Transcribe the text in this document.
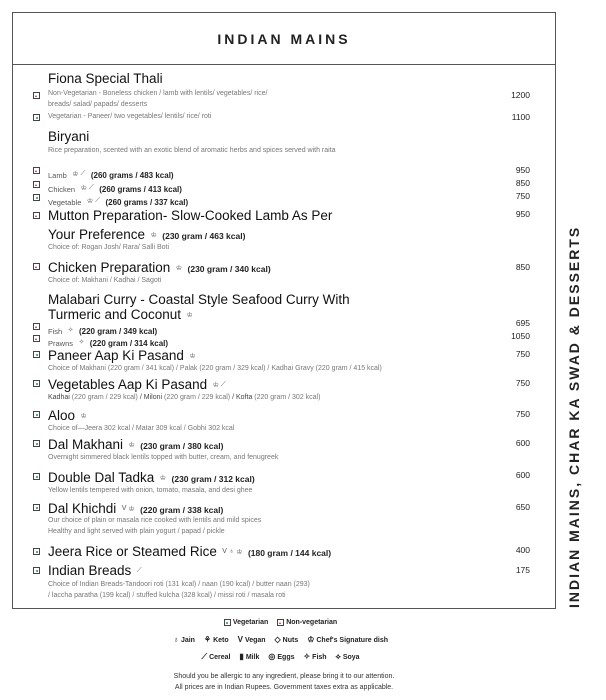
INDIAN MAINS
INDIAN MAINS, CHAR KA SWAD & DESSERTS
Fiona Special Thali
Non-Vegetarian - Boneless chicken / lamb with lentils/ vegetables/ rice/
breads/ salad/ papads/ desserts
1200
Vegetarian - Paneer/ two vegetables/ lentils/ rice/ roti	1100
Biryani
Rice preparation, scented with an exotic blend of aromatic herbs and spices served with raita
Lamb ♔ ⟋ (260 grams / 483 kcal)
950
Chicken ♔ ⟋ (260 grams / 413 kcal)
850
Vegetable ♔ ⟋ (260 grams / 337 kcal)
750
Mutton Preparation- Slow-Cooked Lamb As Per
Your Preference ♔ (230 gram / 463 kcal)
Choice of: Rogan Josh/ Rara/ Salli Boti
950
Chicken Preparation ♔ (230 gram / 340 kcal)
Choice of: Makhani / Kadhai / Sagoti
850
Malabari Curry - Coastal Style Seafood Curry With
Turmeric and Coconut ♔
Fish ✧ (220 gram / 349 kcal)
695
Prawns ✧ (220 gram / 314 kcal)
1050
Paneer Aap Ki Pasand ♔
Choice of Makhani (220 gram / 341 kcal) / Palak (220 gram / 329 kcal) / Kadhai Gravy (220 gram / 415 kcal)
750
Vegetables Aap Ki Pasand ♔ ⟋
Kadhai (220 gram / 229 kcal) / Miloni (220 gram / 229 kcal) / Kofta (220 gram / 302 kcal)
750
Aloo ♔
Choice of—Jeera 302 kcal / Matar 309 kcal / Gobhi 302 kcal
750
Dal Makhani ♔ (230 gram / 380 kcal)
Overnight simmered black lentils topped with butter, cream, and fenugreek
600
Double Dal Tadka ♔ (230 gram / 312 kcal)
Yellow lentils tempered with onion, tomato, masala, and desi ghee
600
Dal Khichdi V ♔ (220 gram / 338 kcal)
Our choice of plain or masala rice cooked with lentils and mild spices
Healthy and light served with plain yogurt / papad / pickle
650
Jeera Rice or Steamed Rice V ♁ ♔ (180 gram / 144 kcal)	400
Indian Breads ⟋
Choice of Indian Breads-Tandoori roti (131 kcal) / naan (190 kcal) / butter naan (293)
/ laccha paratha (199 kcal) / stuffed kulcha (328 kcal) / missi roti / masala roti
175
Vegetarian	Non-vegetarian
♁ Jain ⚘ Keto V Vegan ◇ Nuts ♔ Chef's Signature dish
⟋ Cereal ▮ Milk ◎ Eggs ✧ Fish ⟡ Soya
Should you be allergic to any ingredient, please bring it to our attention.
All prices are in Indian Rupees. Government taxes extra as applicable.
